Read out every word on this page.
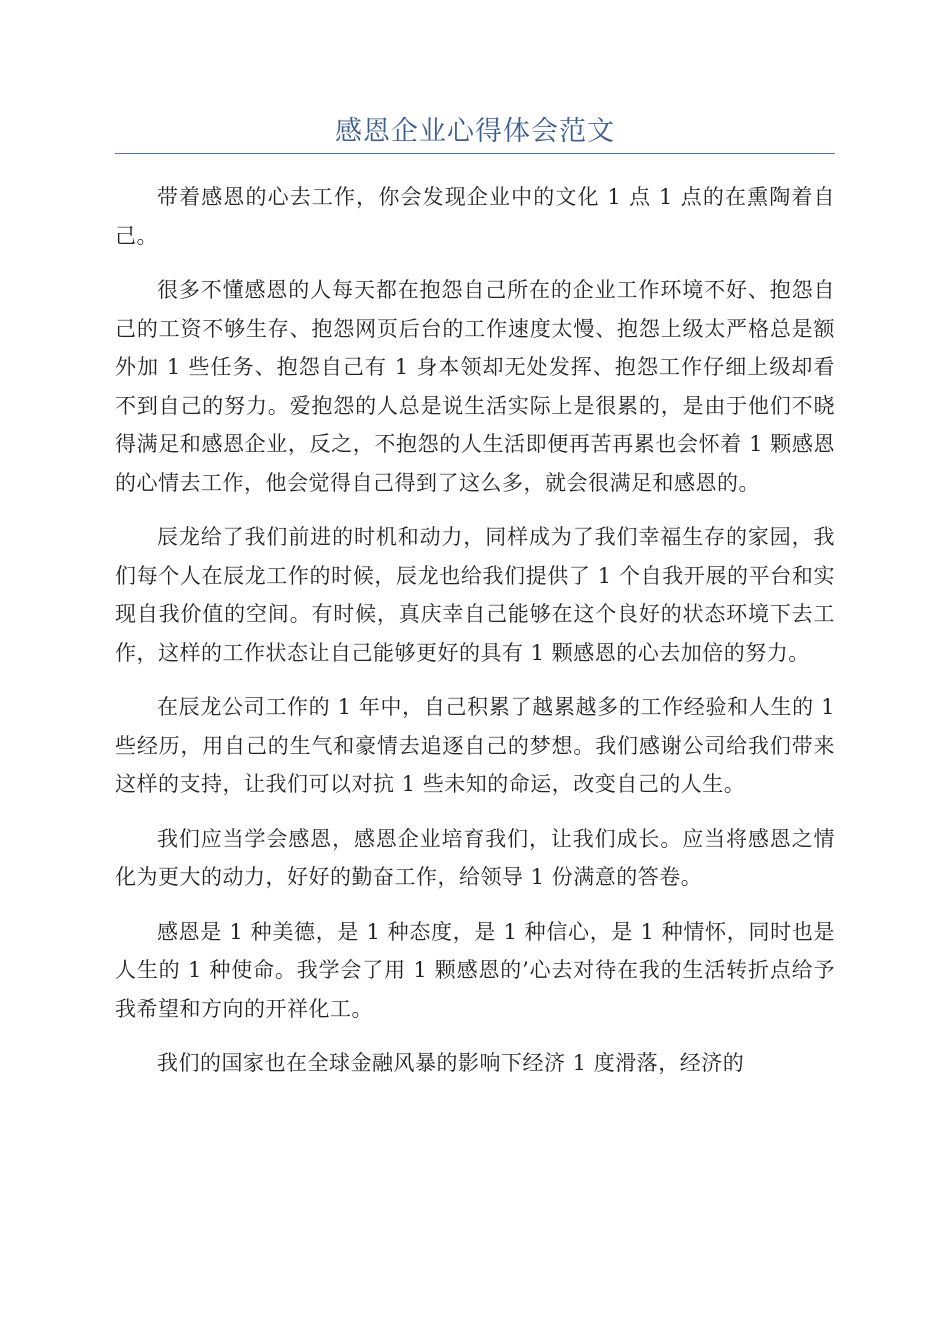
感恩企业心得体会范文

带着感恩的心去工作，你会发现企业中的文化 1 点 1 点的在熏陶着自己。

很多不懂感恩的人每天都在抱怨自己所在的企业工作环境不好、抱怨自己的工资不够生存、抱怨网页后台的工作速度太慢、抱怨上级太严格总是额外加 1 些任务、抱怨自己有 1 身本领却无处发挥、抱怨工作仔细上级却看不到自己的努力。爱抱怨的人总是说生活实际上是很累的，是由于他们不晓得满足和感恩企业，反之，不抱怨的人生活即便再苦再累也会怀着 1 颗感恩的心情去工作，他会觉得自己得到了这么多，就会很满足和感恩的。

辰龙给了我们前进的时机和动力，同样成为了我们幸福生存的家园，我们每个人在辰龙工作的时候，辰龙也给我们提供了 1 个自我开展的平台和实现自我价值的空间。有时候，真庆幸自己能够在这个良好的状态环境下去工作，这样的工作状态让自己能够更好的具有 1 颗感恩的心去加倍的努力。

在辰龙公司工作的 1 年中，自己积累了越累越多的工作经验和人生的 1 些经历，用自己的生气和豪情去追逐自己的梦想。我们感谢公司给我们带来这样的支持，让我们可以对抗 1 些未知的命运，改变自己的人生。

我们应当学会感恩，感恩企业培育我们，让我们成长。应当将感恩之情化为更大的动力，好好的勤奋工作，给领导 1 份满意的答卷。

感恩是 1 种美德，是 1 种态度，是 1 种信心，是 1 种情怀，同时也是人生的 1 种使命。我学会了用 1 颗感恩的’心去对待在我的生活转折点给予我希望和方向的开祥化工。

我们的国家也在全球金融风暴的影响下经济 1 度滑落，经济的
